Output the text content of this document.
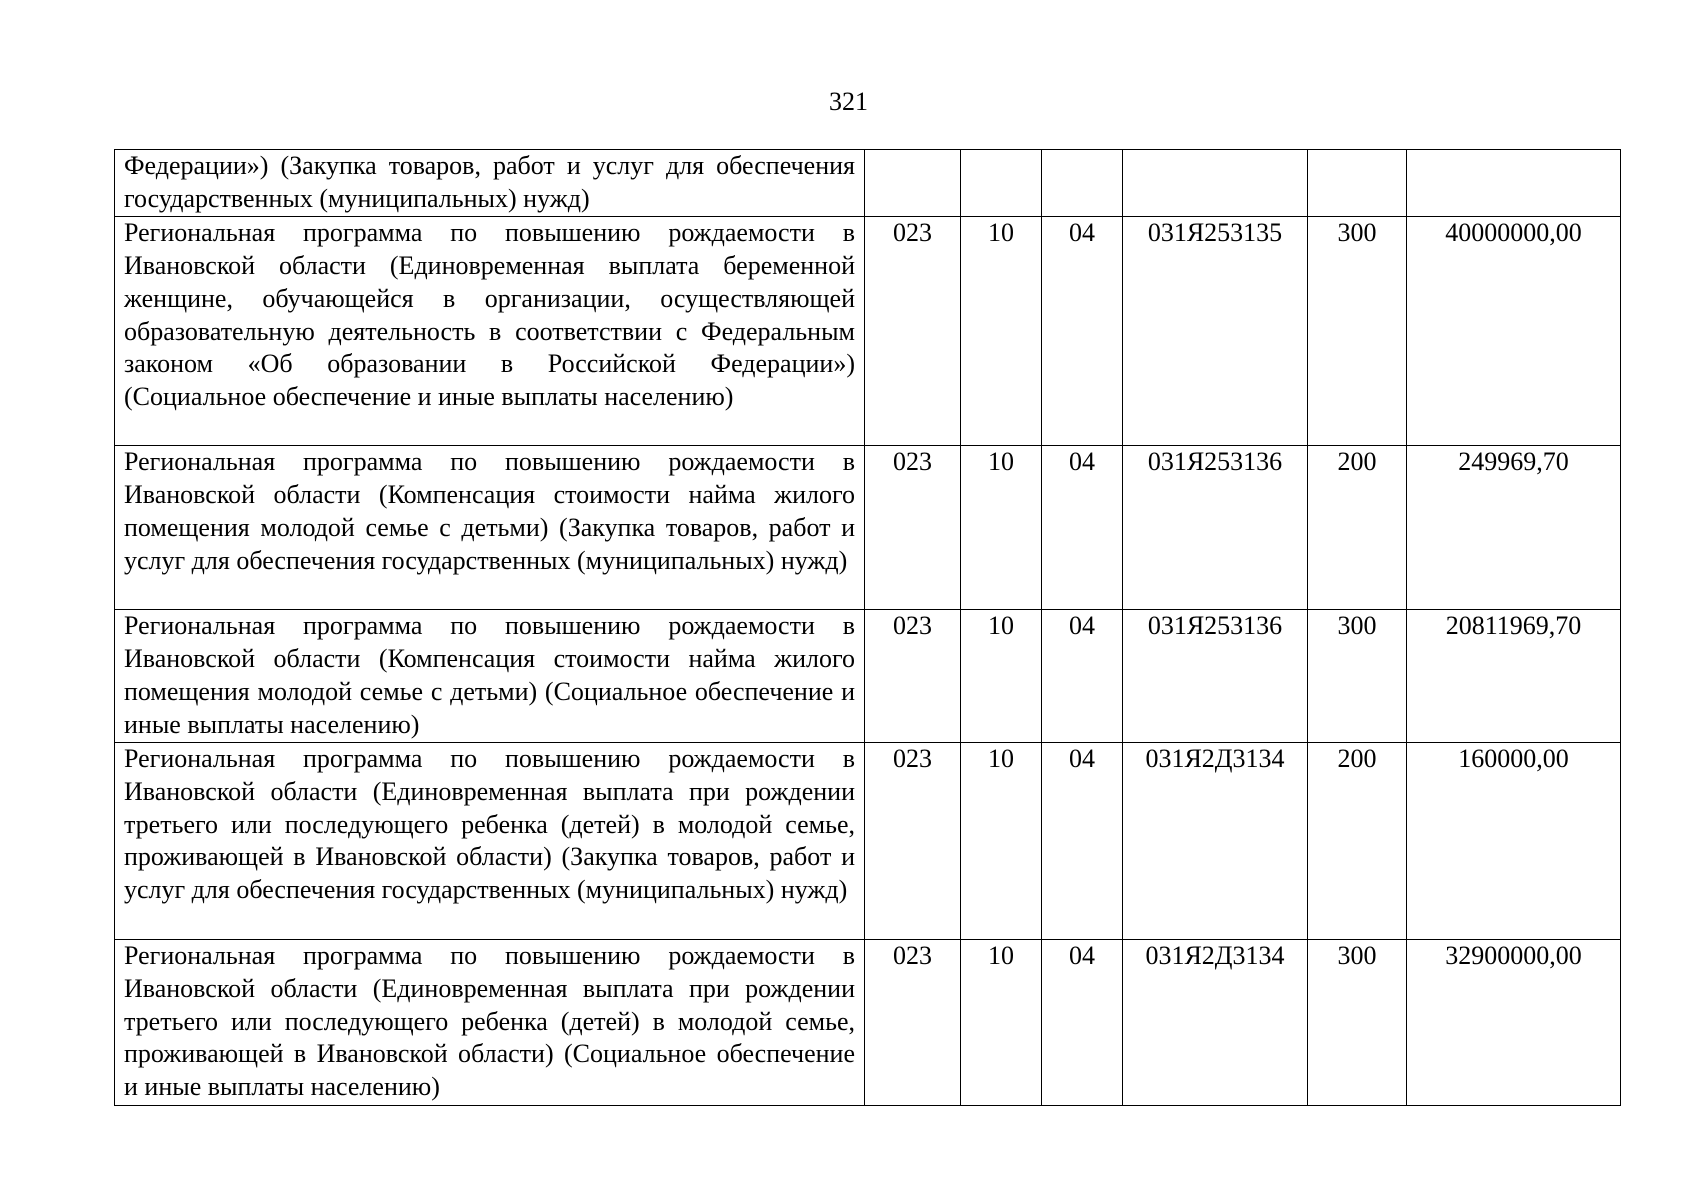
321
Федерации») (Закупка товаров, работ и услуг для обеспечения государственных (муниципальных) нужд)						
Региональная программа по повышению рождаемости в Ивановской области (Единовременная выплата беременной женщине, обучающейся в организации, осуществляющей образовательную деятельность в соответствии с Федеральным законом «Об образовании в Российской Федерации») (Социальное обеспечение и иные выплаты населению)	023	10	04	031Я253135	300	40000000,00
Региональная программа по повышению рождаемости в Ивановской области (Компенсация стоимости найма жилого помещения молодой семье с детьми) (Закупка товаров, работ и услуг для обеспечения государственных (муниципальных) нужд)	023	10	04	031Я253136	200	249969,70
Региональная программа по повышению рождаемости в Ивановской области (Компенсация стоимости найма жилого помещения молодой семье с детьми) (Социальное обеспечение и иные выплаты населению)	023	10	04	031Я253136	300	20811969,70
Региональная программа по повышению рождаемости в Ивановской области (Единовременная выплата при рождении третьего или последующего ребенка (детей) в молодой семье, проживающей в Ивановской области) (Закупка товаров, работ и услуг для обеспечения государственных (муниципальных) нужд)	023	10	04	031Я2Д3134	200	160000,00
Региональная программа по повышению рождаемости в Ивановской области (Единовременная выплата при рождении третьего или последующего ребенка (детей) в молодой семье, проживающей в Ивановской области) (Социальное обеспечение и иные выплаты населению)	023	10	04	031Я2Д3134	300	32900000,00
